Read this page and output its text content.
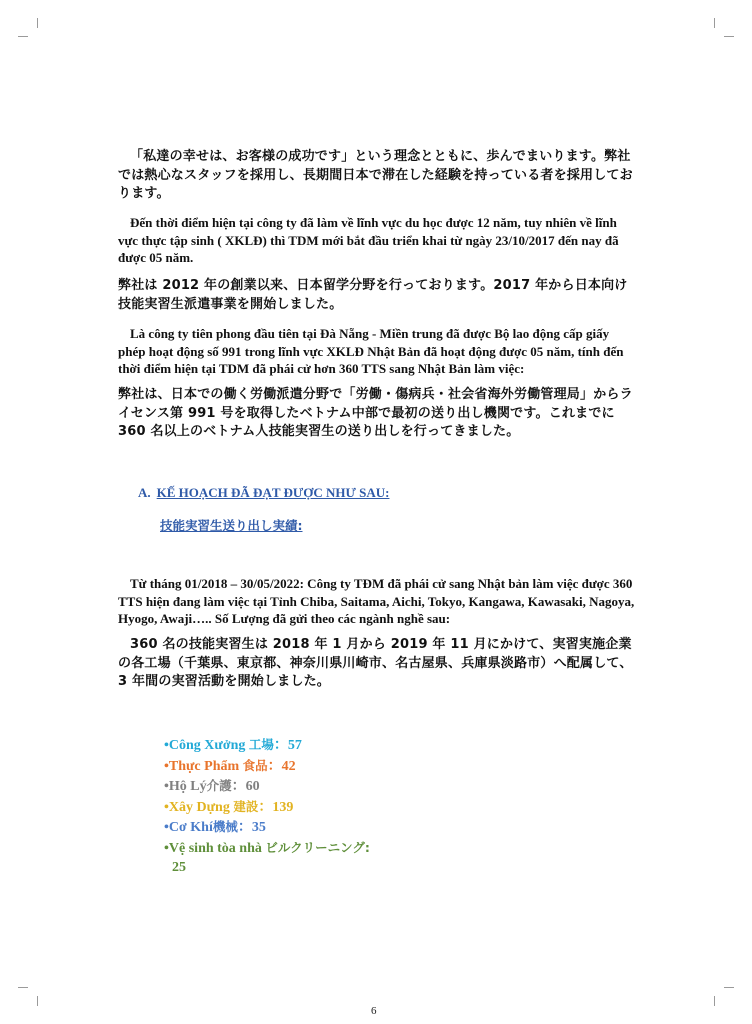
「私達の幸せは、お客様の成功です」という理念とともに、歩んでまいります。弊社では熱心なスタッフを採用し、長期間日本で滞在した経験を持っている者を採用しております。
Đến thời điểm hiện tại công ty đã làm về lĩnh vực du học được 12 năm, tuy nhiên về lĩnh vực thực tập sinh ( XKLĐ) thì TDM mới bắt đầu triển khai từ ngày 23/10/2017 đến nay đã được 05 năm.
弊社は 2012 年の創業以来、日本留学分野を行っております。2017 年から日本向け技能実習生派遣事業を開始しました。
Là công ty tiên phong đầu tiên tại Đà Nẵng - Miền trung đã được Bộ lao động cấp giấy phép hoạt động số 991 trong lĩnh vực XKLĐ Nhật Bản đã hoạt động được 05 năm, tính đến thời điểm hiện tại TDM đã phái cử hơn 360 TTS sang Nhật Bản làm việc:
弊社は、日本での働く労働派遣分野で「労働・傷病兵・社会省海外労働管理局」からライセンス第 991 号を取得したベトナム中部で最初の送り出し機関です。これまでに 360 名以上のベトナム人技能実習生の送り出しを行ってきました。
A. KẾ HOẠCH ĐÃ ĐẠT ĐƯỢC NHƯ SAU:
技能実習生送り出し実績:
Từ tháng 01/2018 – 30/05/2022: Công ty TĐM đã phái cử sang Nhật bản làm việc được 360 TTS hiện đang làm việc tại Tỉnh Chiba, Saitama, Aichi, Tokyo, Kangawa, Kawasaki, Nagoya, Hyogo, Awaji….. Số Lượng đã gửi theo các ngành nghề sau:
360 名の技能実習生は 2018 年 1 月から 2019 年 11 月にかけて、実習実施企業の各工場（千葉県、東京都、神奈川県川崎市、名古屋県、兵庫県淡路市）へ配属して、3 年間の実習活動を開始しました。
•Công Xưởng 工場：57
•Thực Phẩm 食品：42
•Hộ Lý介護：60
•Xây Dựng 建設：139
•Cơ Khí機械：35
•Vệ sinh tòa nhà ビルクリーニング:
25
6
